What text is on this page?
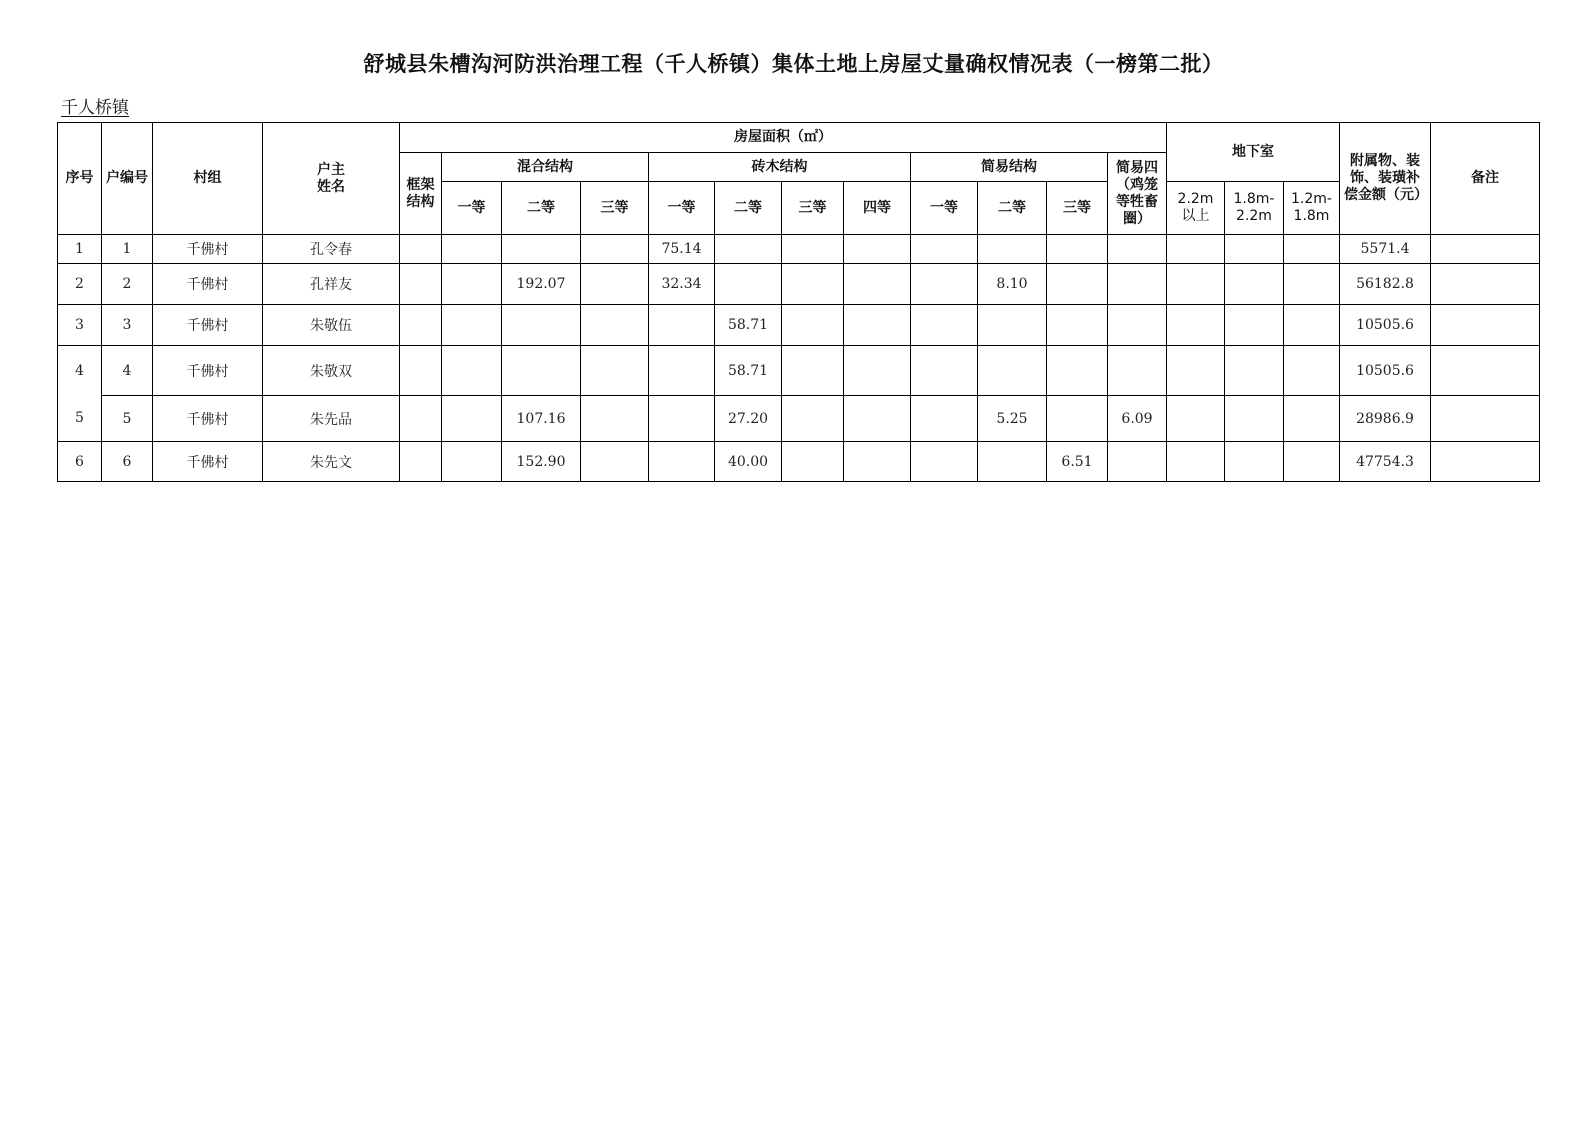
舒城县朱槽沟河防洪治理工程（千人桥镇）集体土地上房屋丈量确权情况表（一榜第二批）
千人桥镇
序号	户编号	村组	户主姓名	房屋面积（㎡）												地下室			附属物、装饰、装璜补偿金额（元）	备注
				框架结构	混合结构			砖木结构				简易结构			简易四（鸡笼等牲畜圈）					
					一等	二等	三等	一等	二等	三等	四等	一等	二等	三等		2.2m以上	1.8m-2.2m	1.2m-1.8m		
1	1	千佛村	孔令春					75.14											5571.4	
2	2	千佛村	孔祥友			192.07		32.34					8.10						56182.8	
3	3	千佛村	朱敬伍						58.71										10505.6	
4	4	千佛村	朱敬双						58.71										10505.6	
5	5	千佛村	朱先品			107.16			27.20				5.25		6.09				28986.9	
6	6	千佛村	朱先文			152.90			40.00					6.51					47754.3	
